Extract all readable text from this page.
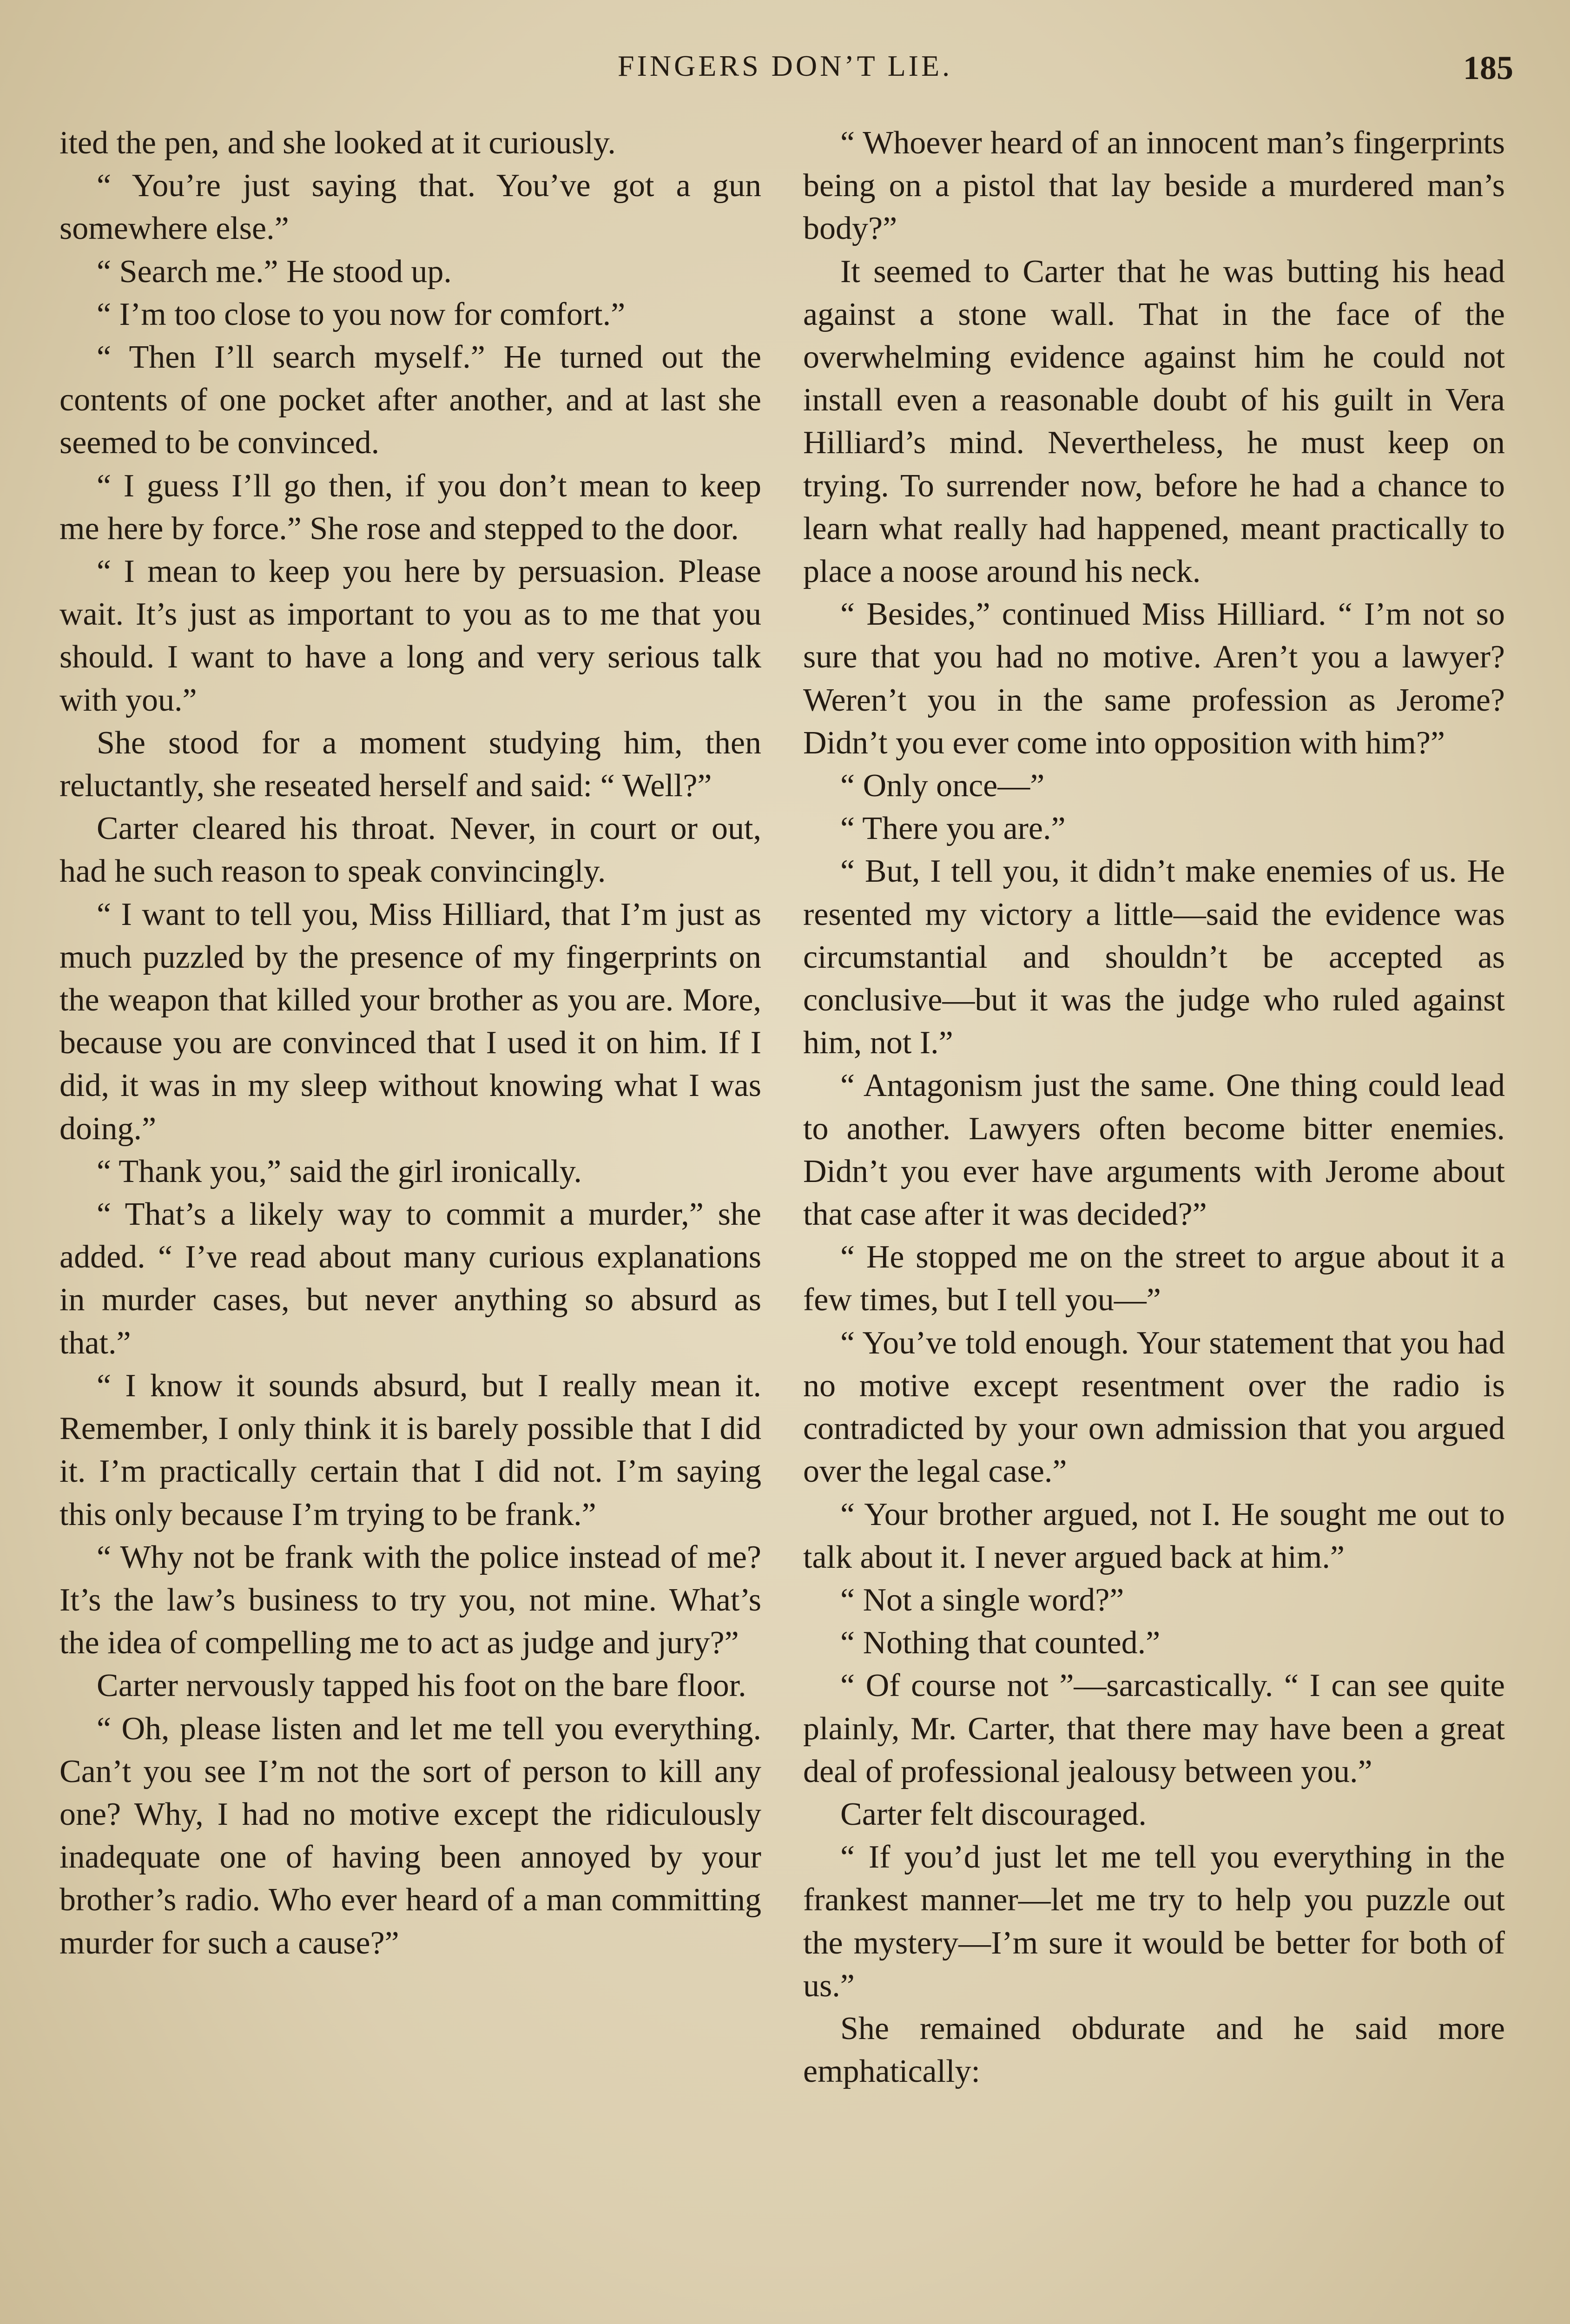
FINGERS DON’T LIE.	185

ited the pen, and she looked at it curiously.

“ You’re just saying that. You’ve got a gun somewhere else.”

“ Search me.” He stood up.

“ I’m too close to you now for comfort.”

“ Then I’ll search myself.” He turned out the contents of one pocket after another, and at last she seemed to be convinced.

“ I guess I’ll go then, if you don’t mean to keep me here by force.” She rose and stepped to the door.

“ I mean to keep you here by persuasion. Please wait. It’s just as important to you as to me that you should. I want to have a long and very serious talk with you.”

She stood for a moment studying him, then reluctantly, she reseated herself and said: “ Well?”

Carter cleared his throat. Never, in court or out, had he such reason to speak convincingly.

“ I want to tell you, Miss Hilliard, that I’m just as much puzzled by the presence of my fingerprints on the weapon that killed your brother as you are. More, because you are convinced that I used it on him. If I did, it was in my sleep without knowing what I was doing.”

“ Thank you,” said the girl ironically.

“ That’s a likely way to commit a murder,” she added. “ I’ve read about many curious explanations in murder cases, but never anything so absurd as that.”

“ I know it sounds absurd, but I really mean it. Remember, I only think it is barely possible that I did it. I’m practically certain that I did not. I’m saying this only because I’m trying to be frank.”

“ Why not be frank with the police instead of me? It’s the law’s business to try you, not mine. What’s the idea of compelling me to act as judge and jury?”

Carter nervously tapped his foot on the bare floor.

“ Oh, please listen and let me tell you everything. Can’t you see I’m not the sort of person to kill any one? Why, I had no motive except the ridiculously inadequate one of having been annoyed by your brother’s radio. Who ever heard of a man committing murder for such a cause?”

“ Whoever heard of an innocent man’s fingerprints being on a pistol that lay beside a murdered man’s body?”

It seemed to Carter that he was butting his head against a stone wall. That in the face of the overwhelming evidence against him he could not install even a reasonable doubt of his guilt in Vera Hilliard’s mind. Nevertheless, he must keep on trying. To surrender now, before he had a chance to learn what really had happened, meant practically to place a noose around his neck.

“ Besides,” continued Miss Hilliard. “ I’m not so sure that you had no motive. Aren’t you a lawyer? Weren’t you in the same profession as Jerome? Didn’t you ever come into opposition with him?”

“ Only once—”

“ There you are.”

“ But, I tell you, it didn’t make enemies of us. He resented my victory a little—said the evidence was circumstantial and shouldn’t be accepted as conclusive—but it was the judge who ruled against him, not I.”

“ Antagonism just the same. One thing could lead to another. Lawyers often become bitter enemies. Didn’t you ever have arguments with Jerome about that case after it was decided?”

“ He stopped me on the street to argue about it a few times, but I tell you—”

“ You’ve told enough. Your statement that you had no motive except resentment over the radio is contradicted by your own admission that you argued over the legal case.”

“ Your brother argued, not I. He sought me out to talk about it. I never argued back at him.”

“ Not a single word?”

“ Nothing that counted.”

“ Of course not ”—sarcastically. “ I can see quite plainly, Mr. Carter, that there may have been a great deal of professional jealousy between you.”

Carter felt discouraged.

“ If you’d just let me tell you everything in the frankest manner—let me try to help you puzzle out the mystery—I’m sure it would be better for both of us.”

She remained obdurate and he said more emphatically:
